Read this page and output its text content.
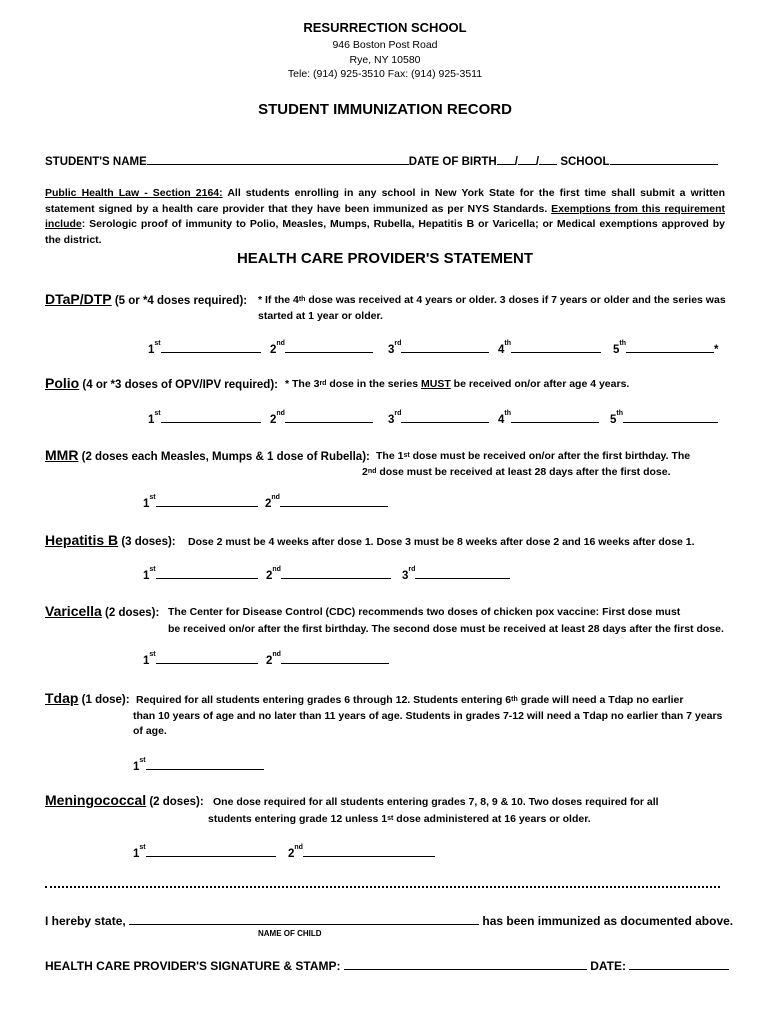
RESURRECTION SCHOOL
946 Boston Post Road
Rye, NY 10580
Tele: (914) 925-3510 Fax: (914) 925-3511
STUDENT IMMUNIZATION RECORD
STUDENT'S NAME	DATE OF BIRTH / / SCHOOL
Public Health Law - Section 2164: All students enrolling in any school in New York State for the first time shall submit a written statement signed by a health care provider that they have been immunized as per NYS Standards. Exemptions from this requirement include: Serologic proof of immunity to Polio, Measles, Mumps, Rubella, Hepatitis B or Varicella; or Medical exemptions approved by the district.
HEALTH CARE PROVIDER'S STATEMENT
DTaP/DTP (5 or *4 doses required): * If the 4th dose was received at 4 years or older. 3 doses if 7 years or older and the series was
started at 1 year or older.
1st
2nd
3rd
4th
5th*
Polio (4 or *3 doses of OPV/IPV required): * The 3rd dose in the series MUST be received on/or after age 4 years.
1st
2nd
3rd
4th
5th
MMR (2 doses each Measles, Mumps & 1 dose of Rubella): The 1st dose must be received on/or after the first birthday. The
2nd dose must be received at least 28 days after the first dose.
1st
2nd
Hepatitis B (3 doses): Dose 2 must be 4 weeks after dose 1. Dose 3 must be 8 weeks after dose 2 and 16 weeks after dose 1.
1st
2nd
3rd
Varicella (2 doses): The Center for Disease Control (CDC) recommends two doses of chicken pox vaccine: First dose must
be received on/or after the first birthday. The second dose must be received at least 28 days after the first dose.
1st
2nd
Tdap (1 dose): Required for all students entering grades 6 through 12. Students entering 6th grade will need a Tdap no earlier
than 10 years of age and no later than 11 years of age. Students in grades 7-12 will need a Tdap no earlier than 7 years
of age.
1st
Meningococcal (2 doses): One dose required for all students entering grades 7, 8, 9 & 10. Two doses required for all
students entering grade 12 unless 1st dose administered at 16 years or older.
1st
2nd
I hereby state,	has been immunized as documented above.
NAME OF CHILD
HEALTH CARE PROVIDER'S SIGNATURE & STAMP:	DATE:
